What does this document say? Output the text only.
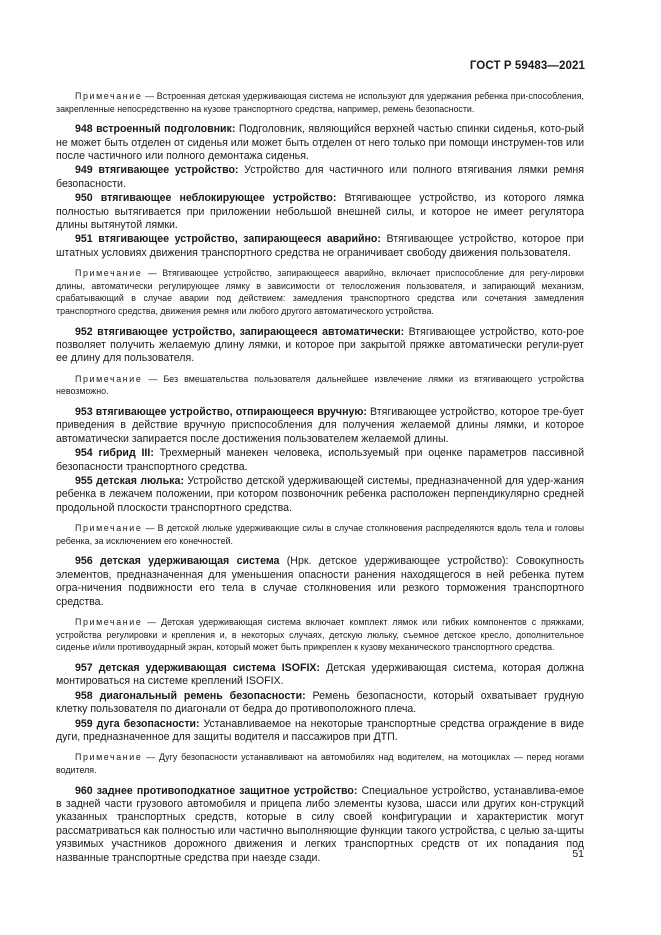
ГОСТ Р 59483—2021

Примечание — Встроенная детская удерживающая система не используют для удержания ребенка при-способления, закрепленные непосредственно на кузове транспортного средства, например, ремень безопасности.

948 встроенный подголовник: Подголовник, являющийся верхней частью спинки сиденья, кото-рый не может быть отделен от сиденья или может быть отделен от него только при помощи инструмен-тов или после частичного или полного демонтажа сиденья.

949 втягивающее устройство: Устройство для частичного или полного втягивания лямки ремня безопасности.

950 втягивающее неблокирующее устройство: Втягивающее устройство, из которого лямка полностью вытягивается при приложении небольшой внешней силы, и которое не имеет регулятора длины вытянутой лямки.

951 втягивающее устройство, запирающееся аварийно: Втягивающее устройство, которое при штатных условиях движения транспортного средства не ограничивает свободу движения пользователя.

Примечание — Втягивающее устройство, запирающееся аварийно, включает приспособление для регу-лировки длины, автоматически регулирующее лямку в зависимости от телосложения пользователя, и запирающий механизм, срабатывающий в случае аварии под действием: замедления транспортного средства или сочетания замедления транспортного средства, движения ремня или любого другого автоматического устройства.

952 втягивающее устройство, запирающееся автоматически: Втягивающее устройство, кото-рое позволяет получить желаемую длину лямки, и которое при закрытой пряжке автоматически регули-рует ее длину для пользователя.

Примечание — Без вмешательства пользователя дальнейшее извлечение лямки из втягивающего устройства невозможно.

953 втягивающее устройство, отпирающееся вручную: Втягивающее устройство, которое тре-бует приведения в действие вручную приспособления для получения желаемой длины лямки, и которое автоматически запирается после достижения пользователем желаемой длины.

954 гибрид III: Трехмерный манекен человека, используемый при оценке параметров пассивной безопасности транспортного средства.

955 детская люлька: Устройство детской удерживающей системы, предназначенной для удер-жания ребенка в лежачем положении, при котором позвоночник ребенка расположен перпендикулярно средней продольной плоскости транспортного средства.

Примечание — В детской люльке удерживающие силы в случае столкновения распределяются вдоль тела и головы ребенка, за исключением его конечностей.

956 детская удерживающая система (Нрк. детское удерживающее устройство): Совокупность элементов, предназначенная для уменьшения опасности ранения находящегося в ней ребенка путем огра-ничения подвижности его тела в случае столкновения или резкого торможения транспортного средства.

Примечание — Детская удерживающая система включает комплект лямок или гибких компонентов с пряжками, устройства регулировки и крепления и, в некоторых случаях, детскую люльку, съемное детское кресло, дополнительное сиденье и/или противоударный экран, который может быть прикреплен к кузову механического транспортного средства.

957 детская удерживающая система ISOFIX: Детская удерживающая система, которая должна монтироваться на системе креплений ISOFIX.

958 диагональный ремень безопасности: Ремень безопасности, который охватывает грудную клетку пользователя по диагонали от бедра до противоположного плеча.

959 дуга безопасности: Устанавливаемое на некоторые транспортные средства ограждение в виде дуги, предназначенное для защиты водителя и пассажиров при ДТП.

Примечание — Дугу безопасности устанавливают на автомобилях над водителем, на мотоциклах — перед ногами водителя.

960 заднее противоподкатное защитное устройство: Специальное устройство, устанавлива-емое в задней части грузового автомобиля и прицепа либо элементы кузова, шасси или других кон-струкций указанных транспортных средств, которые в силу своей конфигурации и характеристик могут рассматриваться как полностью или частично выполняющие функции такого устройства, с целью за-щиты уязвимых участников дорожного движения и легких транспортных средств от их попадания под названные транспортные средства при наезде сзади.	51
